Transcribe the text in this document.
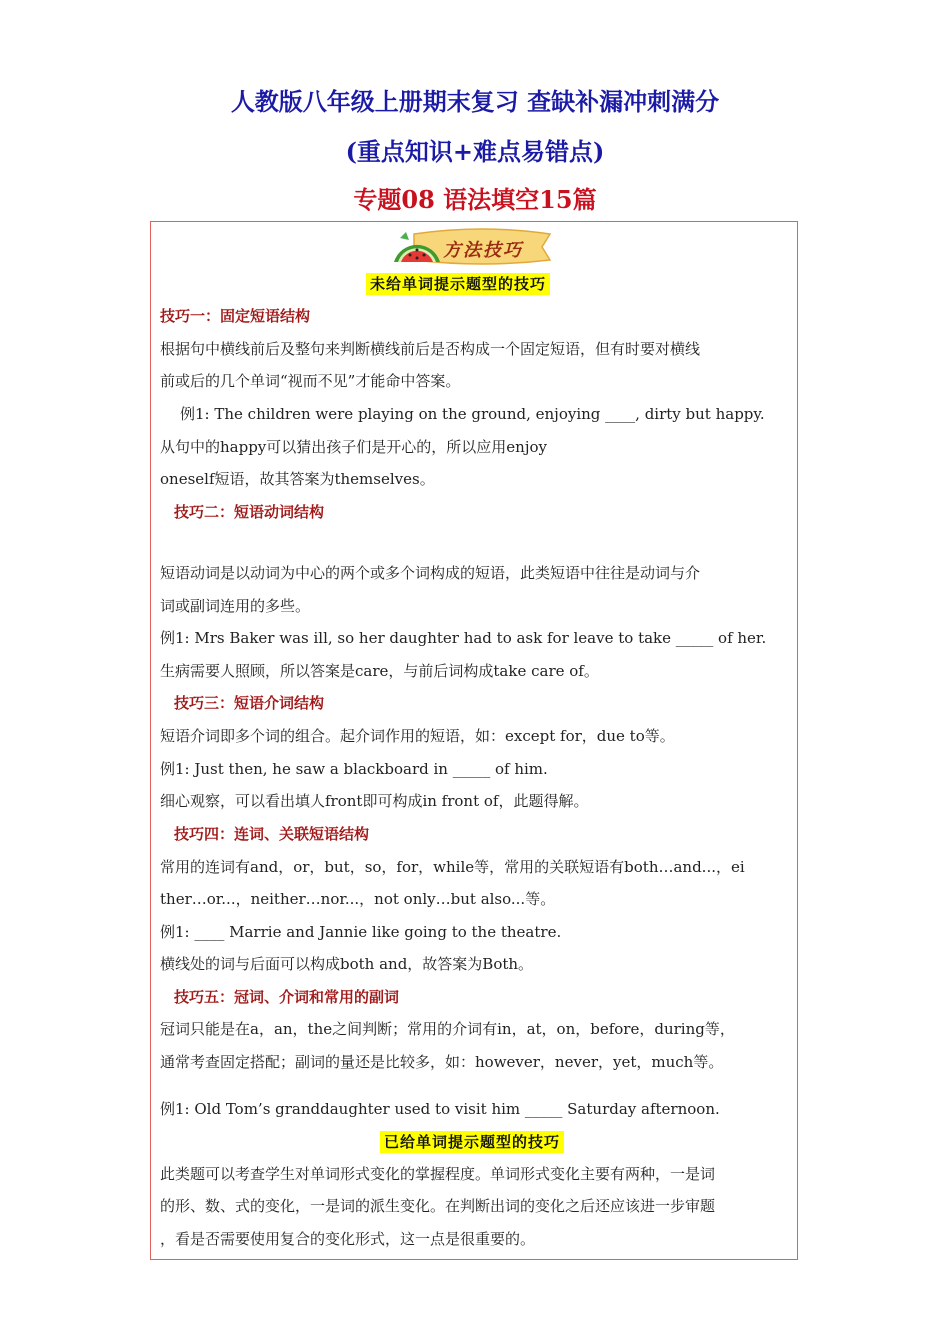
人教版八年级上册期末复习 查缺补漏冲刺满分
(重点知识+难点易错点)
专题08 语法填空15篇
方法技巧
未给单词提示题型的技巧
技巧一：固定短语结构
根据句中横线前后及整句来判断横线前后是否构成一个固定短语，但有时要对横线
前或后的几个单词“视而不见”才能命中答案。
例1: The children were playing on the ground, enjoying ____, dirty but happy.
从句中的happy可以猜出孩子们是开心的，所以应用enjoy
oneself短语，故其答案为themselves。
技巧二：短语动词结构
短语动词是以动词为中心的两个或多个词构成的短语，此类短语中往往是动词与介
词或副词连用的多些。
例1: Mrs Baker was ill, so her daughter had to ask for leave to take _____ of her.
生病需要人照顾，所以答案是care，与前后词构成take care of。
技巧三：短语介词结构
短语介词即多个词的组合。起介词作用的短语，如：except for，due to等。
例1: Just then, he saw a blackboard in _____ of him.
细心观察，可以看出填人front即可构成in front of，此题得解。
技巧四：连词、关联短语结构
常用的连词有and，or，but，so，for，while等，常用的关联短语有both…and...，ei
ther…or...，neither…nor...，not only…but also...等。
例1: ____ Marrie and Jannie like going to the theatre.
横线处的词与后面可以构成both and，故答案为Both。
技巧五：冠词、介词和常用的副词
冠词只能是在a，an，the之间判断；常用的介词有in，at，on，before，during等，
通常考查固定搭配；副词的量还是比较多，如：however，never，yet，much等。
例1: Old Tom’s granddaughter used to visit him _____ Saturday afternoon.
已给单词提示题型的技巧
此类题可以考查学生对单词形式变化的掌握程度。单词形式变化主要有两种，一是词
的形、数、式的变化，一是词的派生变化。在判断出词的变化之后还应该进一步审题
，看是否需要使用复合的变化形式，这一点是很重要的。
